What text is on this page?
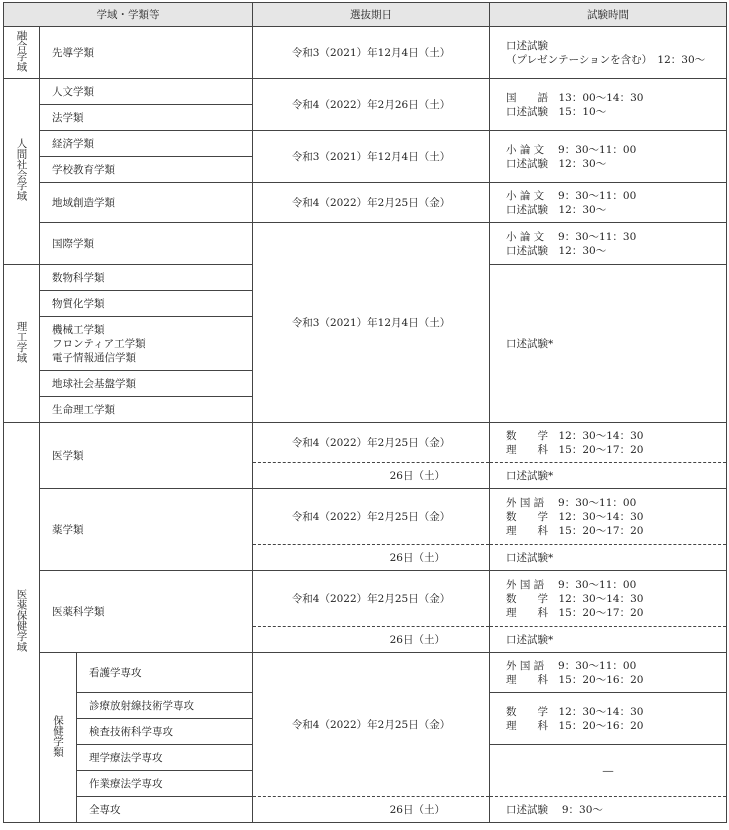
学域・学類等			選抜期日	試験時間
融合学域	先導学類		令和3（2021）年12月4日（土）	口述試験
（プレゼンテーションを含む）　12：30～

人間社会学域	人文学類		令和4（2022）年2月26日（土）	国　　語　13：00～14：30
口述試験　15：10～

	法学類			
	経済学類		令和3（2021）年12月4日（土）	小 論 文　 9：30～11：00
口述試験　12：30～

	学校教育学類			
	地域創造学類		令和4（2022）年2月25日（金）	小 論 文　 9：30～11：00
口述試験　12：30～

	国際学類		令和3（2021）年12月4日（土）	小 論 文　 9：30～11：30
口述試験　12：30～

理工学域	数物科学類			口述試験*
	物質化学類			
	機械工学類
フロンティア工学類
電子情報通信学類			
	地球社会基盤学類			
	生命理工学類			
医薬保健学域	医学類		令和4（2022）年2月25日（金）	数　　学　12：30～14：30
理　　科　15：20～17：20

			26日（土）	口述試験*
	薬学類		令和4（2022）年2月25日（金）	外 国 語　 9：30～11：00
数　　学　12：30～14：30
理　　科　15：20～17：20

			26日（土）	口述試験*
	医薬科学類		令和4（2022）年2月25日（金）	外 国 語　 9：30～11：00
数　　学　12：30～14：30
理　　科　15：20～17：20

			26日（土）	口述試験*
	保健学類	看護学専攻	令和4（2022）年2月25日（金）	外 国 語　 9：30～11：00
理　　科　15：20～16：20

		診療放射線技術学専攻		数　　学　12：30～14：30
理　　科　15：20～16：20

		検査技術科学専攻		
		理学療法学専攻		―
		作業療法学専攻		
		全専攻	26日（土）	口述試験　 9：30～
